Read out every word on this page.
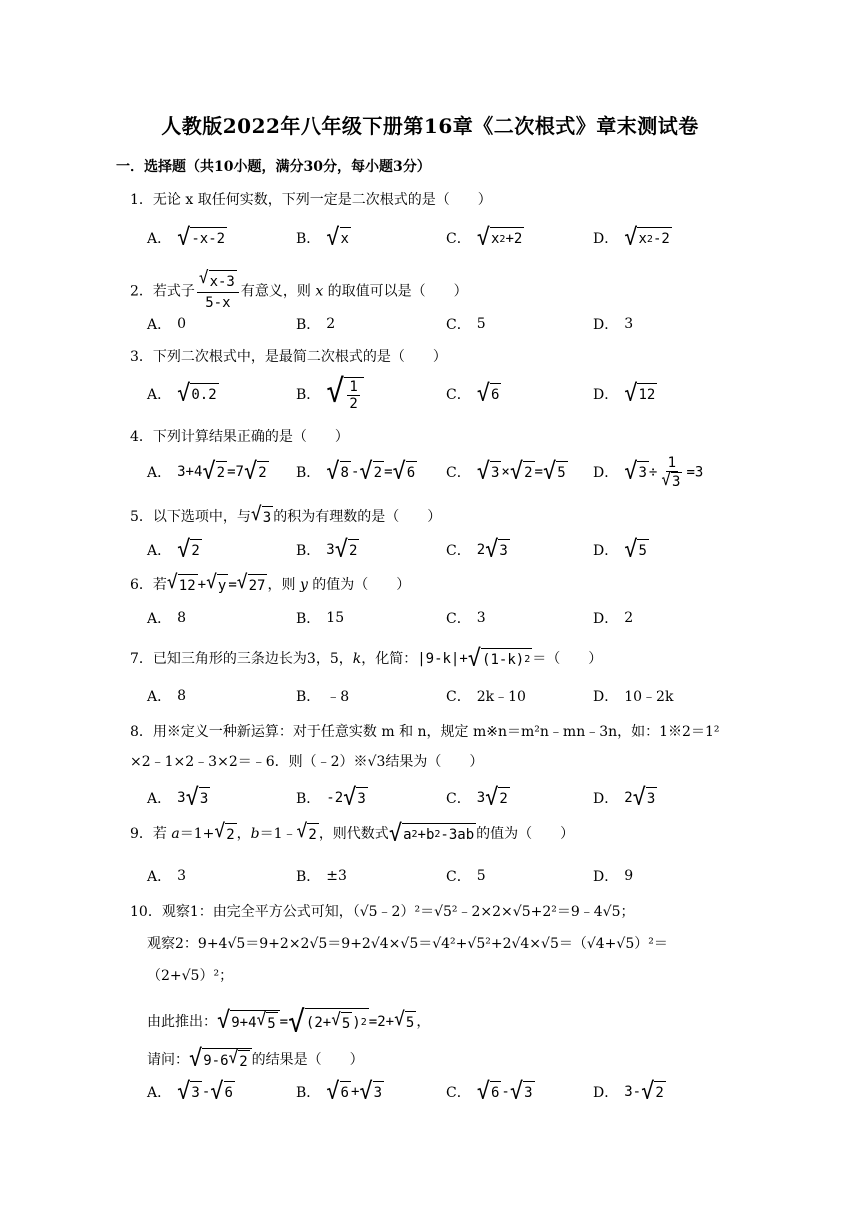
人教版2022年八年级下册第16章《二次根式》章末测试卷
一．选择题（共10小题，满分30分，每小题3分）
1．无论 x 取任何实数，下列一定是二次根式的是（　　）
A． √ -x-2	B． √ x	C． √ x 2 +2	D． √ x 2 -2
2．若式子 $\frac{√ x-3}{5-x}$ 有意义，则 x 的取值可以是（　　）
A． 0	B． 2	C． 5	D． 3
3．下列二次根式中，是最简二次根式的是（　　）
A． √ 0.2	B． √ $\frac{1}{2}$	C． √ 6	D． √ 12
4．下列计算结果正确的是（　　）
A． 3+4 √ 2 =7 √ 2 B． √ 8 - √ 2 = √ 6 C． √ 3 × √ 2 = √ 5 D． √ $3 \div \frac{1}{√ 3} =3$
5．以下选项中，与 √ 3 的积为有理数的是（　　）
A． √ 2	B． 3 √ 2	C． 2 √ 3	D． √ 5
6．若 √ 12 + √ y = √ 27 ，则 y 的值为（　　）
A． 8	B． 15	C． 3	D． 2
7．已知三角形的三条边长为3，5，k，化简：|9-k|+ √ (1-k) 2 ＝（　　）
A． 8	B． ﹣8	C． 2k﹣10	D． 10﹣2k
8．用※定义一种新运算：对于任意实数 m 和 n，规定 m※n＝m²n﹣mn﹣3n，如：1※2＝1²
×2﹣1×2﹣3×2＝﹣6．则（﹣2）※√3结果为（　　）
A． 3 √ 3	B． -2 √ 3	C． 3 √ 2	D． 2 √ 3
9．若 a＝1+ √ 2 ，b＝1﹣ √ 2 ，则代数式 √ a 2 +b 2 -3ab 的值为（　　）
A． 3	B． ±3	C． 5	D． 9
10．观察1：由完全平方公式可知，（√5﹣2）²＝√5²﹣2×2×√5+2²＝9﹣4√5；
观察2：9+4√5＝9+2×2√5＝9+2√4×√5＝√4²+√5²+2√4×√5＝（√4+√5）²＝
（2+√5）²；
由此推出： √ 9+4 √ 5 = √ (2+ √ 5 ) 2 =2+ √ 5 ，
请问： √ 9-6 √ 2 的结果是（　　）
A． √ 3 - √ 6	B． √ 6 + √ 3	C． √ 6 - √ 3	D． 3- √ 2
